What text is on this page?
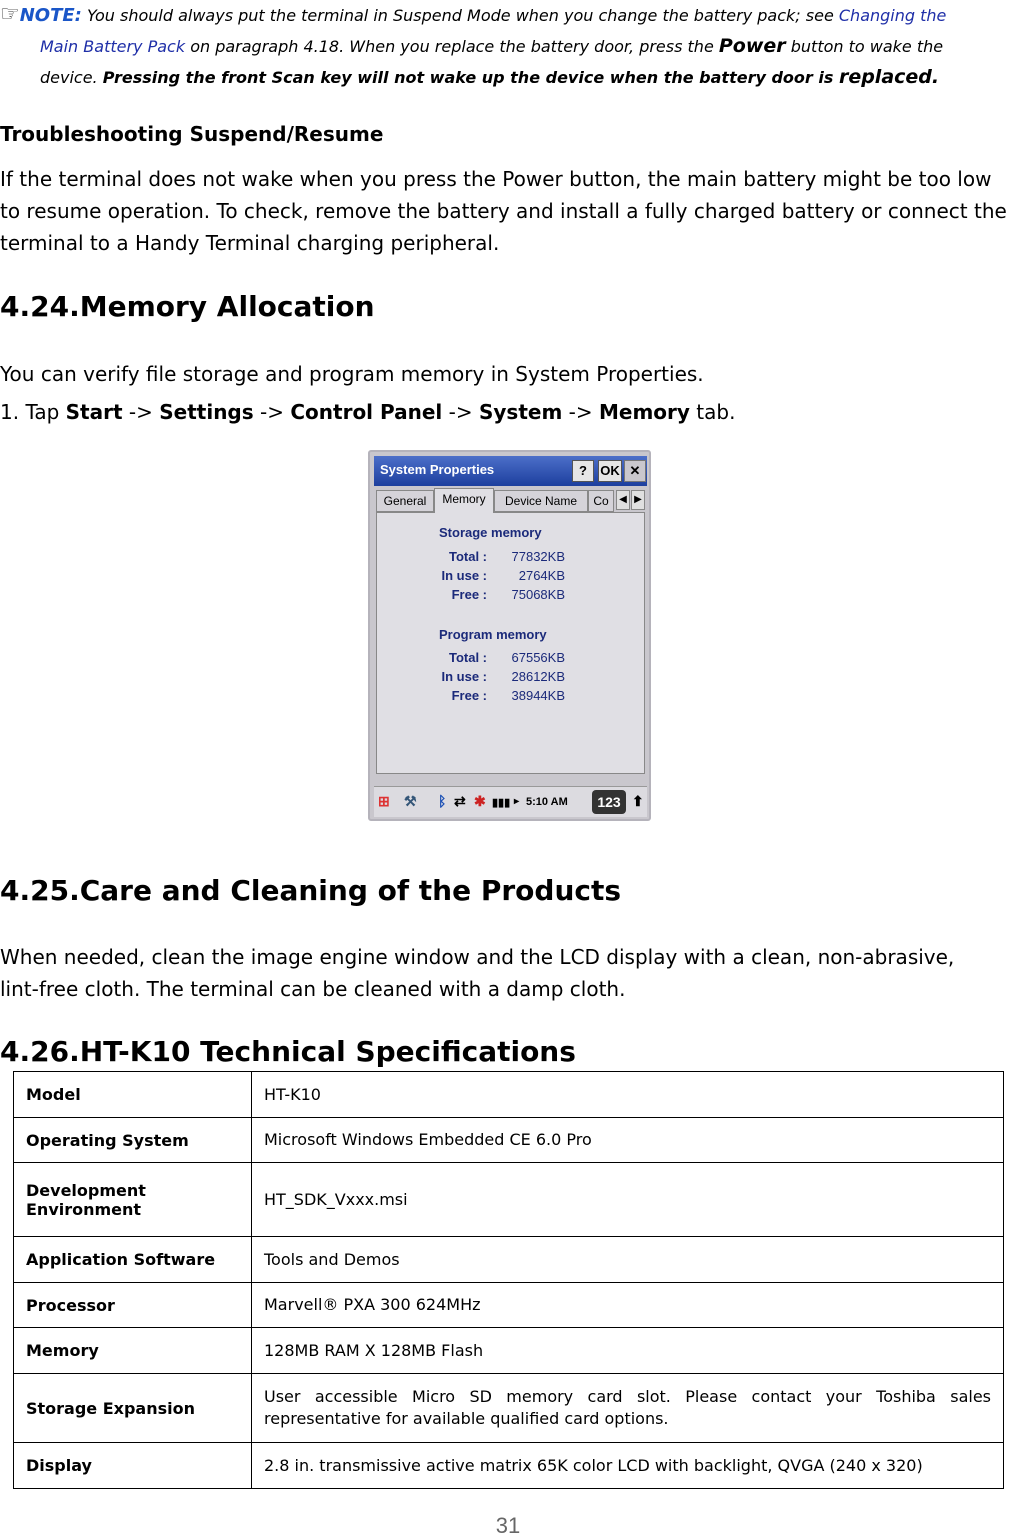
☞NOTE: You should always put the terminal in Suspend Mode when you change the battery pack; see Changing the
Main Battery Pack on paragraph 4.18. When you replace the battery door, press the Power button to wake the
device. Pressing the front Scan key will not wake up the device when the battery door is replaced.
Troubleshooting Suspend/Resume
If the terminal does not wake when you press the Power button, the main battery might be too low to resume operation. To check, remove the battery and install a fully charged battery or connect the terminal to a Handy Terminal charging peripheral.
4.24.Memory Allocation
You can verify file storage and program memory in System Properties.
1. Tap Start -> Settings -> Control Panel -> System -> Memory tab.
System Properties	?	OK ✕
General	Memory	Device Name	Co	◀ ▶
Storage memory
Total :	77832KB
In use :	2764KB
Free :	75068KB
Program memory
Total :	67556KB
In use :	28612KB
Free :	38944KB
⊞ ⚒ ᛒ ⇄ ✱ ▮▮▮ ▸ 5:10 AM	123 ⬆
4.25.Care and Cleaning of the Products
When needed, clean the image engine window and the LCD display with a clean, non-abrasive, lint-free cloth. The terminal can be cleaned with a damp cloth.
4.26.HT-K10 Technical Specifications
Model	HT-K10
Operating System	Microsoft Windows Embedded CE 6.0 Pro
Development Environment	HT_SDK_Vxxx.msi
Application Software	Tools and Demos
Processor	Marvell® PXA 300 624MHz
Memory	128MB RAM X 128MB Flash
Storage Expansion	User accessible Micro SD memory card slot. Please contact your Toshiba sales representative for available qualified card options.
Display	2.8 in. transmissive active matrix 65K color LCD with backlight, QVGA (240 x 320)
31
